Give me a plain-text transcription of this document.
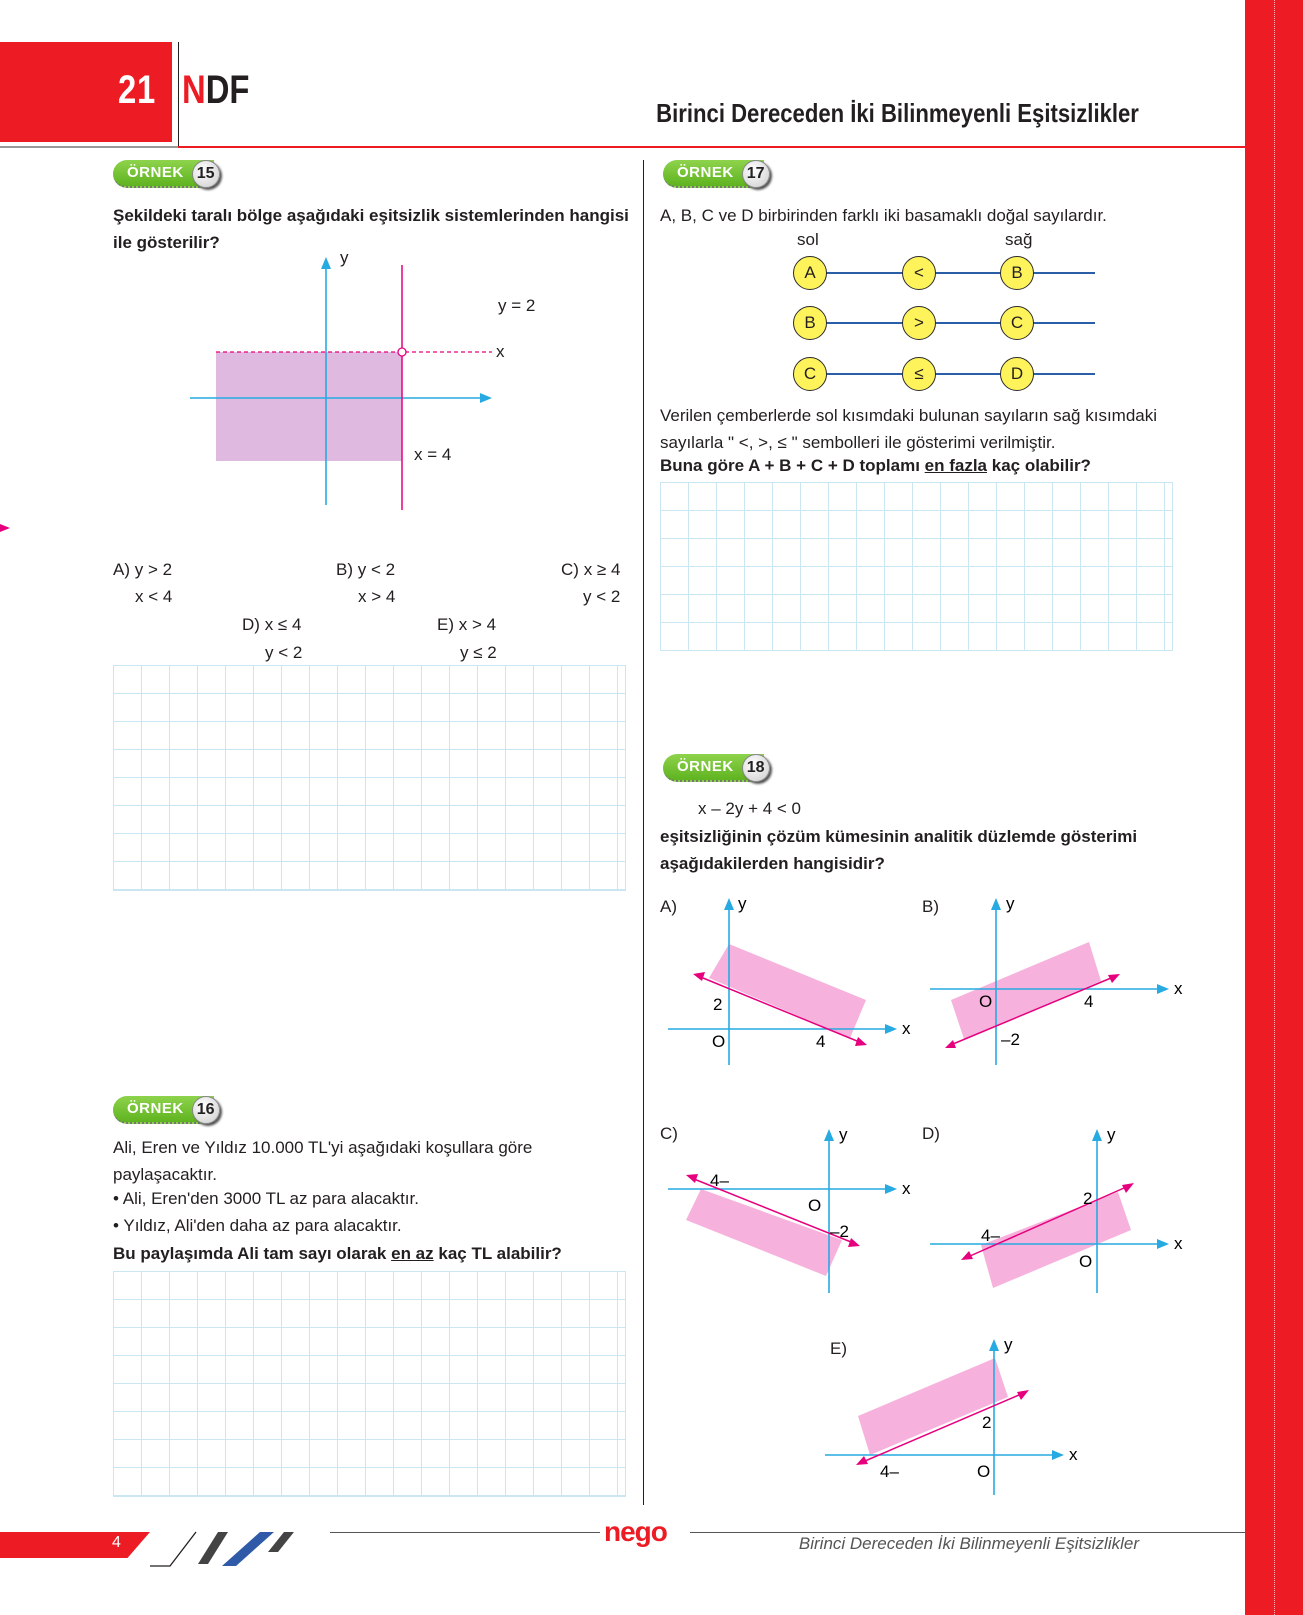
21 NDF
Birinci Dereceden İki Bilinmeyenli Eşitsizlikler
ÖRNEK 15
Şekildeki taralı bölge aşağıdaki eşitsizlik sistemlerinden hangisi ile gösterilir?
y
x
y = 2
x = 4
A) y > 2
x < 4
B) y < 2
x > 4
C) x ≥ 4
y < 2
D) x ≤ 4
y < 2
E) x > 4
y ≤ 2
ÖRNEK 16
Ali, Eren ve Yıldız 10.000 TL'yi aşağıdaki koşullara göre paylaşacaktır.
• Ali, Eren'den 3000 TL az para alacaktır.
• Yıldız, Ali'den daha az para alacaktır.
Bu paylaşımda Ali tam sayı olarak en az kaç TL alabilir?
ÖRNEK 17
A, B, C ve D birbirinden farklı iki basamaklı doğal sayılardır.
sol	sağ
A	<	B
B	>	C
C	≤	D
Verilen çemberlerde sol kısımdaki bulunan sayıların sağ kısımdaki sayılarla " <, >, ≤ " sembolleri ile gösterimi verilmiştir.
Buna göre A + B + C + D toplamı en fazla kaç olabilir?
ÖRNEK 18
x – 2y + 4 < 0
eşitsizliğinin çözüm kümesinin analitik düzlemde gösterimi aşağıdakilerden hangisidir?
A)	y
x
O
2
4
B)	y
x
O	4
–2
C)	y
x
O
4–
–2
D)	y
x
O
2
4–
E)	y
x
O
2
4–
4	nego	Birinci Dereceden İki Bilinmeyenli Eşitsizlikler
